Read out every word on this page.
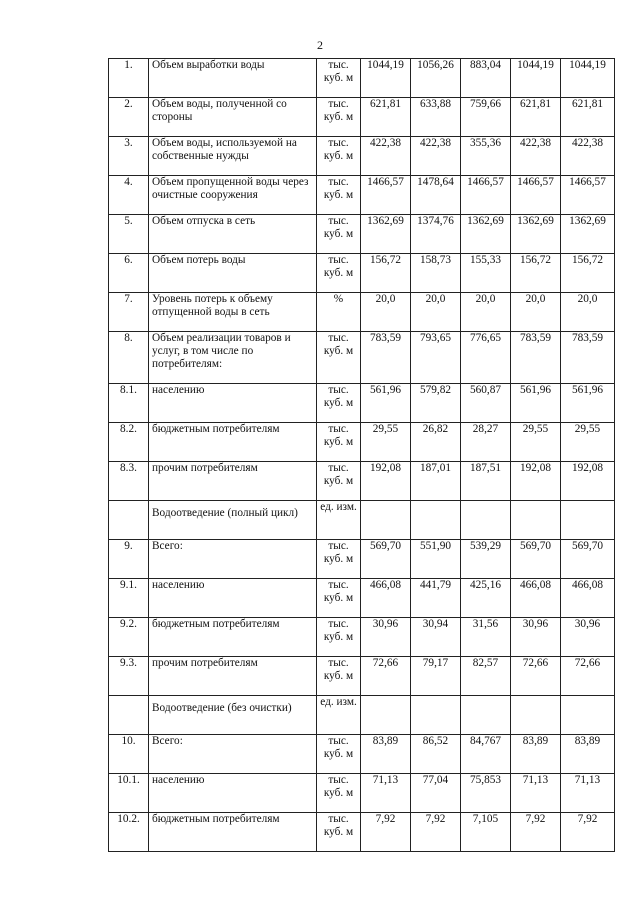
2
1.	Объем выработки воды	тыс. куб. м	1044,19	1056,26	883,04	1044,19	1044,19
2.	Объем воды, полученной со стороны	тыс. куб. м	621,81	633,88	759,66	621,81	621,81
3.	Объем воды, используемой на собственные нужды	тыс. куб. м	422,38	422,38	355,36	422,38	422,38
4.	Объем пропущенной воды через очистные сооружения	тыс. куб. м	1466,57	1478,64	1466,57	1466,57	1466,57
5.	Объем отпуска в сеть	тыс. куб. м	1362,69	1374,76	1362,69	1362,69	1362,69
6.	Объем потерь воды	тыс. куб. м	156,72	158,73	155,33	156,72	156,72
7.	Уровень потерь к объему отпущенной воды в сеть	%	20,0	20,0	20,0	20,0	20,0
8.	Объем реализации товаров и услуг, в том числе по потребителям:	тыс. куб. м	783,59	793,65	776,65	783,59	783,59
8.1.	населению	тыс. куб. м	561,96	579,82	560,87	561,96	561,96
8.2.	бюджетным потребителям	тыс. куб. м	29,55	26,82	28,27	29,55	29,55
8.3.	прочим потребителям	тыс. куб. м	192,08	187,01	187,51	192,08	192,08
	Водоотведение (полный цикл)	ед. изм.					
9.	Всего:	тыс. куб. м	569,70	551,90	539,29	569,70	569,70
9.1.	населению	тыс. куб. м	466,08	441,79	425,16	466,08	466,08
9.2.	бюджетным потребителям	тыс. куб. м	30,96	30,94	31,56	30,96	30,96
9.3.	прочим потребителям	тыс. куб. м	72,66	79,17	82,57	72,66	72,66
	Водоотведение (без очистки)	ед. изм.					
10.	Всего:	тыс. куб. м	83,89	86,52	84,767	83,89	83,89
10.1.	населению	тыс. куб. м	71,13	77,04	75,853	71,13	71,13
10.2.	бюджетным потребителям	тыс. куб. м	7,92	7,92	7,105	7,92	7,92
